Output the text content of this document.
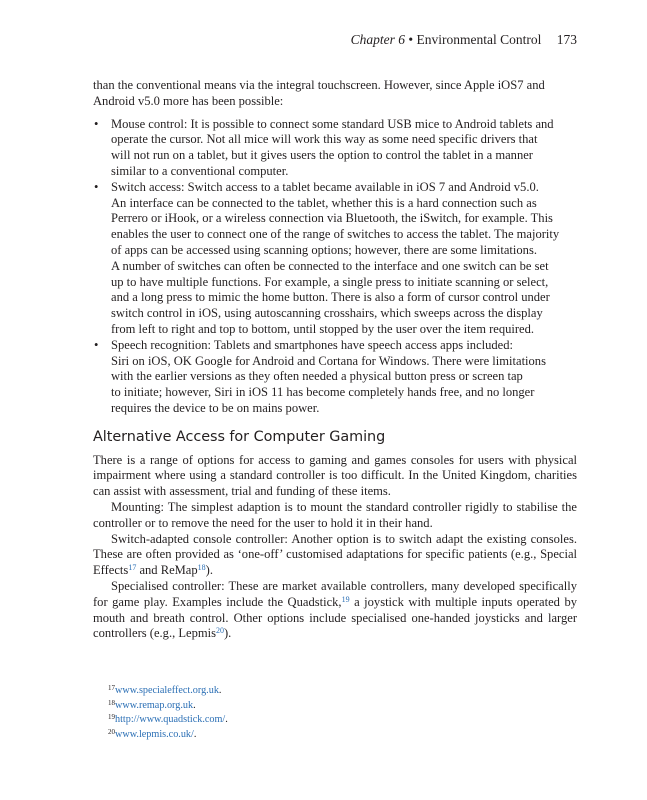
Chapter 6 • Environmental Control 173

than the conventional means via the integral touchscreen. However, since Apple iOS7 and
Android v5.0 more has been possible:

• Mouse control: It is possible to connect some standard USB mice to Android tablets and
operate the cursor. Not all mice will work this way as some need specific drivers that
will not run on a tablet, but it gives users the option to control the tablet in a manner
similar to a conventional computer.
• Switch access: Switch access to a tablet became available in iOS 7 and Android v5.0.
An interface can be connected to the tablet, whether this is a hard connection such as
Perrero or iHook, or a wireless connection via Bluetooth, the iSwitch, for example. This
enables the user to connect one of the range of switches to access the tablet. The majority
of apps can be accessed using scanning options; however, there are some limitations.
A number of switches can often be connected to the interface and one switch can be set
up to have multiple functions. For example, a single press to initiate scanning or select,
and a long press to mimic the home button. There is also a form of cursor control under
switch control in iOS, using autoscanning crosshairs, which sweeps across the display
from left to right and top to bottom, until stopped by the user over the item required.
• Speech recognition: Tablets and smartphones have speech access apps included:
Siri on iOS, OK Google for Android and Cortana for Windows. There were limitations
with the earlier versions as they often needed a physical button press or screen tap
to initiate; however, Siri in iOS 11 has become completely hands free, and no longer
requires the device to be on mains power.
Alternative Access for Computer Gaming

There is a range of options for access to gaming and games consoles for users with physical impairment where using a standard controller is too difficult. In the United Kingdom, charities can assist with assessment, trial and funding of these items.

Mounting: The simplest adaption is to mount the standard controller rigidly to stabilise the controller or to remove the need for the user to hold it in their hand.

Switch-adapted console controller: Another option is to switch adapt the existing consoles. These are often provided as ‘one-off’ customised adaptations for specific patients (e.g., Special Effects$^{17}$ and ReMap$^{18}$).

Specialised controller: These are market available controllers, many developed specifically for game play. Examples include the Quadstick,$^{19}$ a joystick with multiple inputs operated by mouth and breath control. Other options include specialised one-handed joysticks and larger controllers (e.g., Lepmis$^{20}$).

$^{17}$www.specialeffect.org.uk.
$^{18}$www.remap.org.uk.
$^{19}$http://www.quadstick.com/.
$^{20}$www.lepmis.co.uk/.
